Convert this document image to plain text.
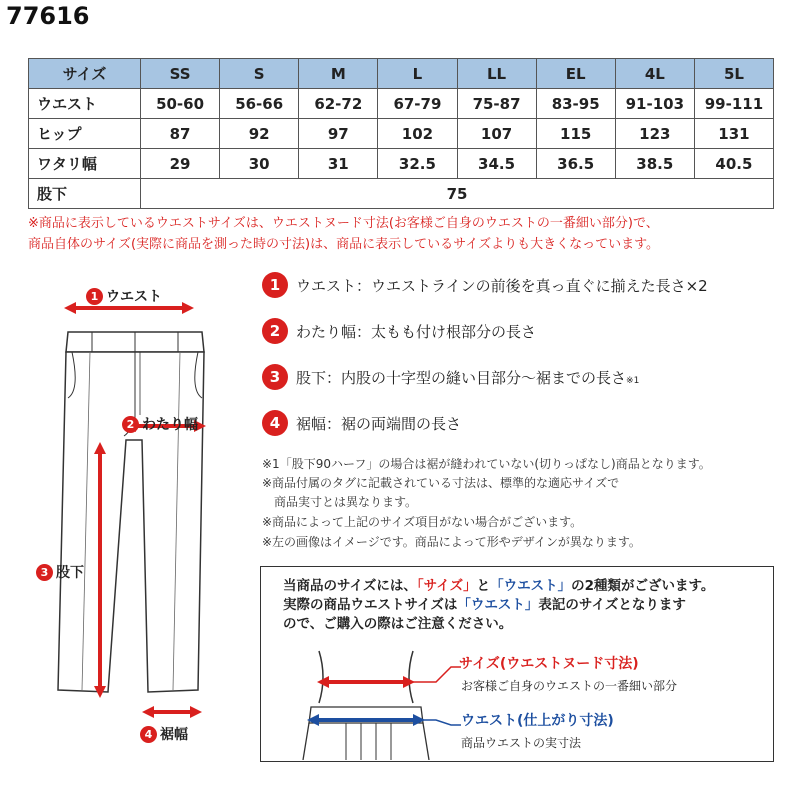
77616
サイズ	SS	S	M	L	LL	EL	4L	5L
ウエスト	50-60	56-66	62-72	67-79	75-87	83-95	91-103	99-111
ヒップ	87	92	97	102	107	115	123	131
ワタリ幅	29	30	31	32.5	34.5	36.5	38.5	40.5
股下	75							
※商品に表示しているウエストサイズは、ウエストヌード寸法(お客様ご自身のウエストの一番細い部分)で、
商品自体のサイズ(実際に商品を測った時の寸法)は、商品に表示しているサイズよりも大きくなっています。
1 ウエスト
2 わたり幅
3 股下
4 裾幅
1	ウエスト：ウエストラインの前後を真っ直ぐに揃えた長さ×2
2	わたり幅：太もも付け根部分の長さ
3	股下：内股の十字型の縫い目部分～裾までの長さ※1
4	裾幅：裾の両端間の長さ
※1「股下90ハーフ」の場合は裾が縫われていない(切りっぱなし)商品となります。
※商品付属のタグに記載されている寸法は、標準的な適応サイズで
　商品実寸とは異なります。
※商品によって上記のサイズ項目がない場合がございます。
※左の画像はイメージです。商品によって形やデザインが異なります。
当商品のサイズには、「サイズ」と「ウエスト」の2種類がございます。
実際の商品ウエストサイズは「ウエスト」表記のサイズとなります
ので、ご購入の際はご注意ください。
サイズ(ウエストヌード寸法)
お客様ご自身のウエストの一番細い部分
ウエスト(仕上がり寸法)
商品ウエストの実寸法
